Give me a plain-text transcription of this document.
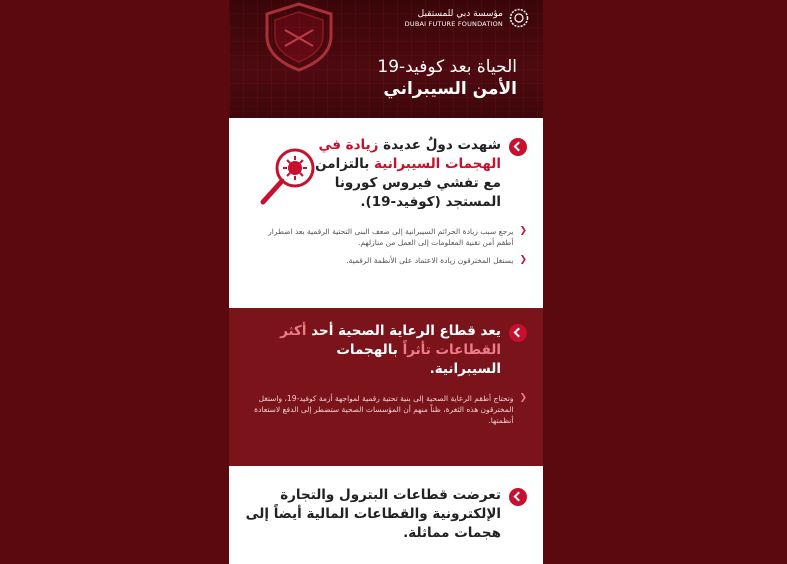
مؤسسة دبي للمستقبل
DUBAI FUTURE FOUNDATION
الحياة بعد كوفيد-19
الأمن السيبراني
شهدت دولٌ عديدة زيادة في الهجمات السيبرانية بالتزامن مع تفشي فيروس كورونا المستجد (كوفيد-19).
❮
يرجع سبب زيادة الجرائم السيبرانية إلى ضعف البنى التحتية الرقمية بعد اضطرار أطقم أمن تقنية المعلومات إلى العمل من منازلهم.
❮
يستغل المخترقون زيادة الاعتماد على الأنظمة الرقمية.
يعد قطاع الرعاية الصحية أحد أكثر القطاعات تأثراً بالهجمات السيبرانية.
❮
وتحتاج أطقم الرعاية الصحية إلى بنية تحتية رقمية لمواجهة أزمة كوفيد-19، واستغل المخترقون هذه الثغرة، ظناً منهم أن المؤسسات الصحية ستضطر إلى الدفع لاستعادة أنظمتها.
تعرضت قطاعات البترول والتجارة الإلكترونية والقطاعات المالية أيضاً إلى هجمات مماثلة.
